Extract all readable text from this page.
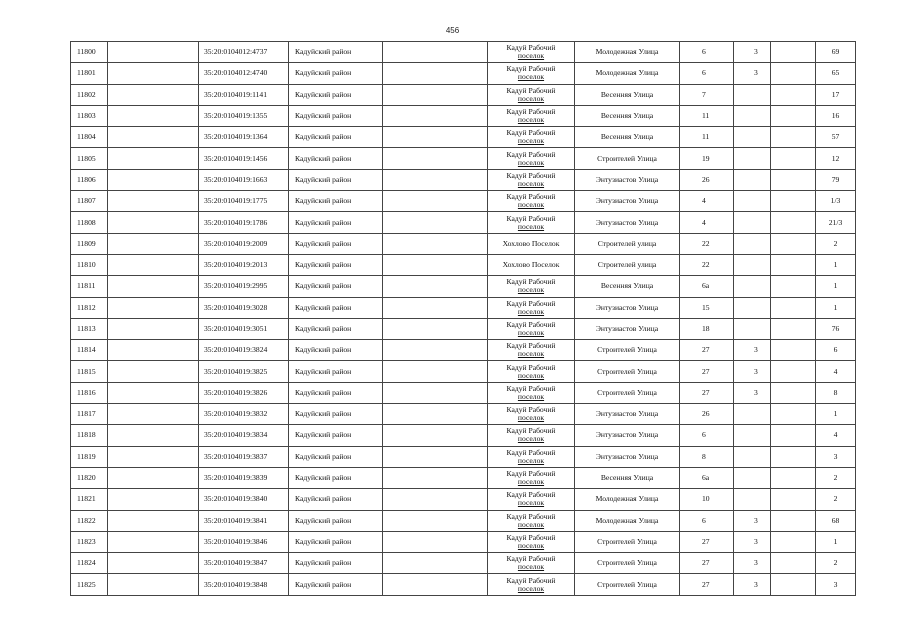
456
11800		35:20:0104012:4737	Кадуйский район		Кадуй Рабочий
поселок	Молодежная Улица	6	3		69
11801		35:20:0104012:4740	Кадуйский район		Кадуй Рабочий
поселок	Молодежная Улица	6	3		65
11802		35:20:0104019:1141	Кадуйский район		Кадуй Рабочий
поселок	Весенняя Улица	7			17
11803		35:20:0104019:1355	Кадуйский район		Кадуй Рабочий
поселок	Весенняя Улица	11			16
11804		35:20:0104019:1364	Кадуйский район		Кадуй Рабочий
поселок	Весенняя Улица	11			57
11805		35:20:0104019:1456	Кадуйский район		Кадуй Рабочий
поселок	Строителей Улица	19			12
11806		35:20:0104019:1663	Кадуйский район		Кадуй Рабочий
поселок	Энтузиастов Улица	26			79
11807		35:20:0104019:1775	Кадуйский район		Кадуй Рабочий
поселок	Энтузиастов Улица	4			1/3
11808		35:20:0104019:1786	Кадуйский район		Кадуй Рабочий
поселок	Энтузиастов Улица	4			21/3
11809		35:20:0104019:2009	Кадуйский район		Хохлово Поселок	Строителей улица	22			2
11810		35:20:0104019:2013	Кадуйский район		Хохлово Поселок	Строителей улица	22			1
11811		35:20:0104019:2995	Кадуйский район		Кадуй Рабочий
поселок	Весенняя Улица	6а			1
11812		35:20:0104019:3028	Кадуйский район		Кадуй Рабочий
поселок	Энтузиастов Улица	15			1
11813		35:20:0104019:3051	Кадуйский район		Кадуй Рабочий
поселок	Энтузиастов Улица	18			76
11814		35:20:0104019:3824	Кадуйский район		Кадуй Рабочий
поселок	Строителей Улица	27	3		6
11815		35:20:0104019:3825	Кадуйский район		Кадуй Рабочий
поселок	Строителей Улица	27	3		4
11816		35:20:0104019:3826	Кадуйский район		Кадуй Рабочий
поселок	Строителей Улица	27	3		8
11817		35:20:0104019:3832	Кадуйский район		Кадуй Рабочий
поселок	Энтузиастов Улица	26			1
11818		35:20:0104019:3834	Кадуйский район		Кадуй Рабочий
поселок	Энтузиастов Улица	6			4
11819		35:20:0104019:3837	Кадуйский район		Кадуй Рабочий
поселок	Энтузиастов Улица	8			3
11820		35:20:0104019:3839	Кадуйский район		Кадуй Рабочий
поселок	Весенняя Улица	6а			2
11821		35:20:0104019:3840	Кадуйский район		Кадуй Рабочий
поселок	Молодежная Улица	10			2
11822		35:20:0104019:3841	Кадуйский район		Кадуй Рабочий
поселок	Молодежная Улица	6	3		68
11823		35:20:0104019:3846	Кадуйский район		Кадуй Рабочий
поселок	Строителей Улица	27	3		1
11824		35:20:0104019:3847	Кадуйский район		Кадуй Рабочий
поселок	Строителей Улица	27	3		2
11825		35:20:0104019:3848	Кадуйский район		Кадуй Рабочий
поселок	Строителей Улица	27	3		3
